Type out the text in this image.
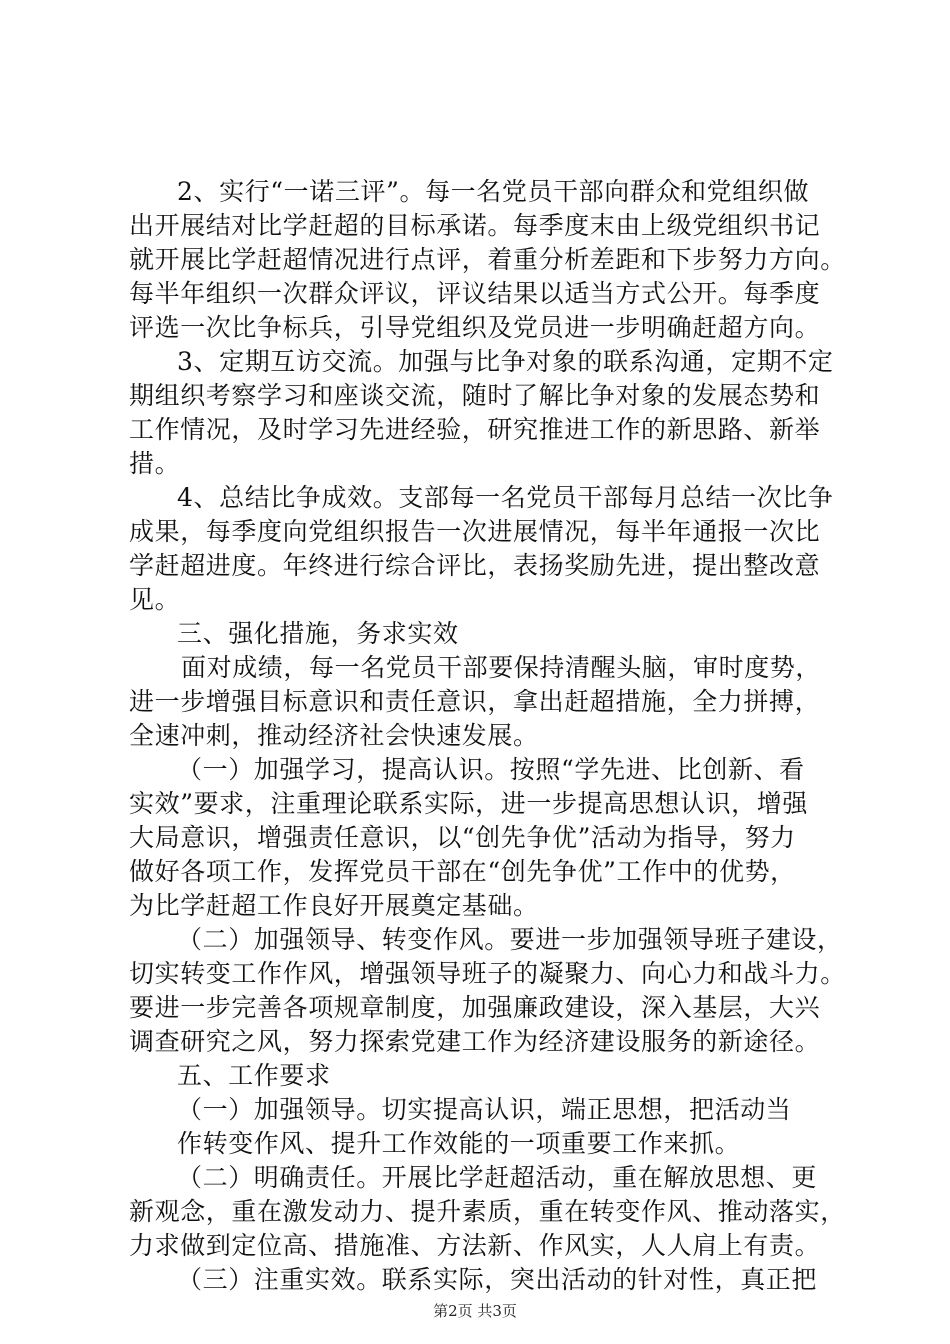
2、实行“一诺三评”。每一名党员干部向群众和党组织做
出开展结对比学赶超的目标承诺。每季度末由上级党组织书记
就开展比学赶超情况进行点评，着重分析差距和下步努力方向。
每半年组织一次群众评议，评议结果以适当方式公开。每季度
评选一次比争标兵，引导党组织及党员进一步明确赶超方向。
3、定期互访交流。加强与比争对象的联系沟通，定期不定
期组织考察学习和座谈交流，随时了解比争对象的发展态势和
工作情况，及时学习先进经验，研究推进工作的新思路、新举
措。
4、总结比争成效。支部每一名党员干部每月总结一次比争
成果，每季度向党组织报告一次进展情况，每半年通报一次比
学赶超进度。年终进行综合评比，表扬奖励先进，提出整改意
见。
三、强化措施，务求实效
面对成绩，每一名党员干部要保持清醒头脑，审时度势，
进一步增强目标意识和责任意识，拿出赶超措施，全力拼搏，
全速冲刺，推动经济社会快速发展。
（一）加强学习，提高认识。按照“学先进、比创新、看
实效”要求，注重理论联系实际，进一步提高思想认识，增强
大局意识，增强责任意识，以“创先争优”活动为指导，努力
做好各项工作，发挥党员干部在“创先争优”工作中的优势，
为比学赶超工作良好开展奠定基础。
（二）加强领导、转变作风。要进一步加强领导班子建设，
切实转变工作作风，增强领导班子的凝聚力、向心力和战斗力。
要进一步完善各项规章制度，加强廉政建设，深入基层，大兴
调查研究之风，努力探索党建工作为经济建设服务的新途径。
五、工作要求
（一）加强领导。切实提高认识，端正思想，把活动当
作转变作风、提升工作效能的一项重要工作来抓。
（二）明确责任。开展比学赶超活动，重在解放思想、更
新观念，重在激发动力、提升素质，重在转变作风、推动落实，
力求做到定位高、措施准、方法新、作风实，人人肩上有责。
（三）注重实效。联系实际，突出活动的针对性，真正把
第2页 共3页
